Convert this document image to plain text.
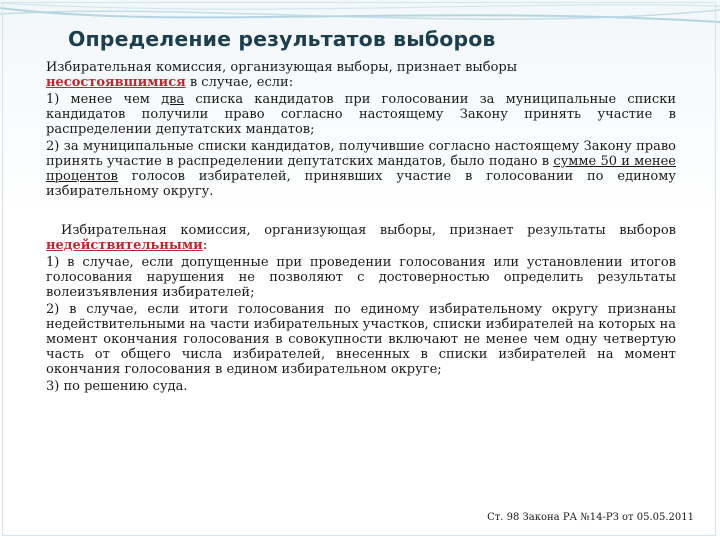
Определение результатов выборов

Избирательная комиссия, организующая выборы, признает выборы
несостоявшимися в случае, если:

1) менее чем два списка кандидатов при голосовании за муниципальные списки кандидатов получили право согласно настоящему Закону принять участие в распределении депутатских мандатов;

2) за муниципальные списки кандидатов, получившие согласно настоящему Закону право принять участие в распределении депутатских мандатов, было подано в сумме 50 и менее процентов голосов избирателей, принявших участие в голосовании по единому избирательному округу.

Избирательная комиссия, организующая выборы, признает результаты выборов недействительными:

1) в случае, если допущенные при проведении голосования или установлении итогов голосования нарушения не позволяют с достоверностью определить результаты волеизъявления избирателей;

2) в случае, если итоги голосования по единому избирательному округу признаны недействительными на части избирательных участков, списки избирателей на которых на момент окончания голосования в совокупности включают не менее чем одну четвертую часть от общего числа избирателей, внесенных в списки избирателей на момент окончания голосования в едином избирательном округе;

3) по решению суда.

Ст. 98 Закона РА №14-РЗ от 05.05.2011
